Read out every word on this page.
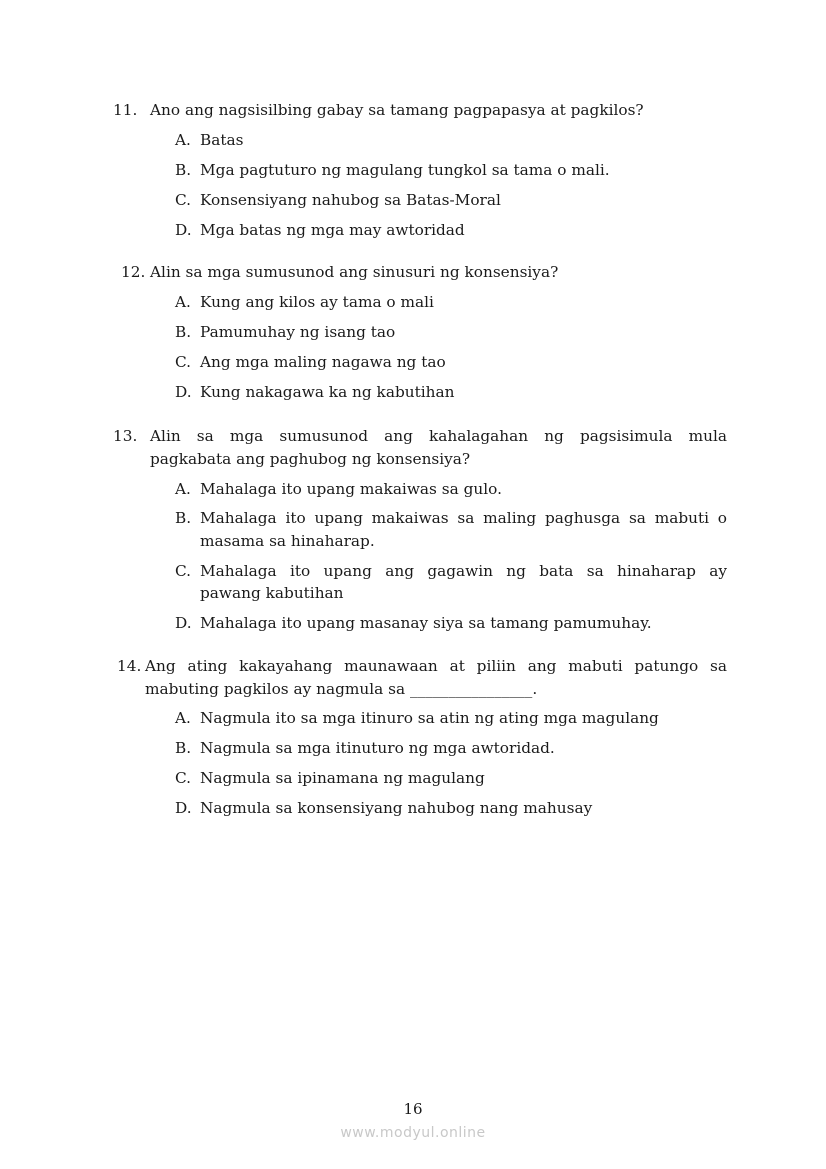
11. Ano ang nagsisilbing gabay sa tamang pagpapasya at pagkilos?
A. Batas
B. Mga pagtuturo ng magulang tungkol sa tama o mali.
C. Konsensiyang nahubog sa Batas-Moral
D. Mga batas ng mga may awtoridad
12. Alin sa mga sumusunod ang sinusuri ng konsensiya?
A. Kung ang kilos ay tama o mali
B. Pamumuhay ng isang tao
C. Ang mga maling nagawa ng tao
D. Kung nakagawa ka ng kabutihan
13. Alin sa mga sumusunod ang kahalagahan ng pagsisimula mula
pagkabata ang paghubog ng konsensiya?
A. Mahalaga ito upang makaiwas sa gulo.
B. Mahalaga ito upang makaiwas sa maling paghusga sa mabuti o
masama sa hinaharap.
C. Mahalaga ito upang ang gagawin ng bata sa hinaharap ay
pawang kabutihan
D. Mahalaga ito upang masanay siya sa tamang pamumuhay.
14. Ang ating kakayahang maunawaan at piliin ang mabuti patungo sa
mabuting pagkilos ay nagmula sa ________________.
A. Nagmula ito sa mga itinuro sa atin ng ating mga magulang
B. Nagmula sa mga itinuturo ng mga awtoridad.
C. Nagmula sa ipinamana ng magulang
D. Nagmula sa konsensiyang nahubog nang mahusay
16
www.modyul.online
